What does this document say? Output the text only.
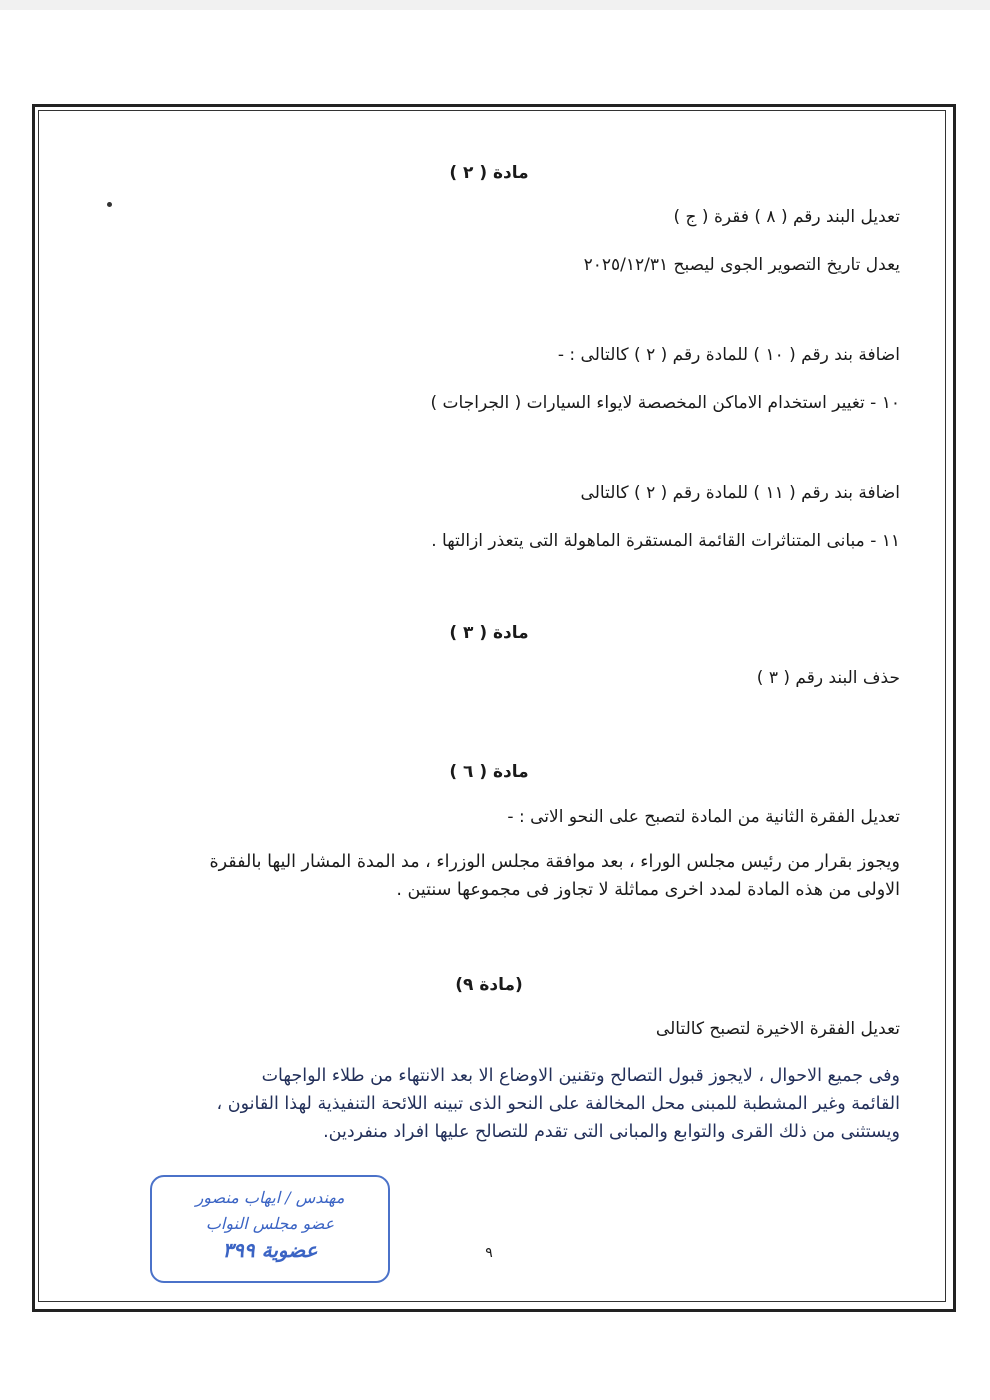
مادة ( ٢ )
تعديل البند رقم ( ٨ ) فقرة ( ج )
يعدل تاريخ التصوير الجوى ليصبح ٢٠٢٥/١٢/٣١
اضافة بند رقم ( ١٠ ) للمادة رقم ( ٢ ) كالتالى : -
١٠ - تغيير استخدام الاماكن المخصصة لايواء السيارات ( الجراجات )
اضافة بند رقم ( ١١ ) للمادة رقم ( ٢ ) كالتالى
١١ - مبانى المتناثرات القائمة المستقرة الماهولة التى يتعذر ازالتها .
مادة ( ٣ )
حذف البند رقم ( ٣ )
مادة ( ٦ )
تعديل الفقرة الثانية من المادة لتصبح على النحو الاتى : -
ويجوز بقرار من رئيس مجلس الوراء ، بعد موافقة مجلس الوزراء ، مد المدة المشار اليها بالفقرة
الاولى من هذه المادة لمدد اخرى مماثلة لا تجاوز فى مجموعها سنتين .
(مادة ٩)
تعديل الفقرة الاخيرة لتصبح كالتالى
وفى جميع الاحوال ، لايجوز قبول التصالح وتقنين الاوضاع الا بعد الانتهاء من طلاء الواجهات
القائمة وغير المشطبة للمبنى محل المخالفة على النحو الذى تبينه اللائحة التنفيذية لهذا القانون ،
ويستثنى من ذلك القرى والتوابع والمبانى التى تقدم للتصالح عليها افراد منفردين.
٩
مهندس / ايهاب منصور
عضو مجلس النواب
عضوية ٣٩٩
